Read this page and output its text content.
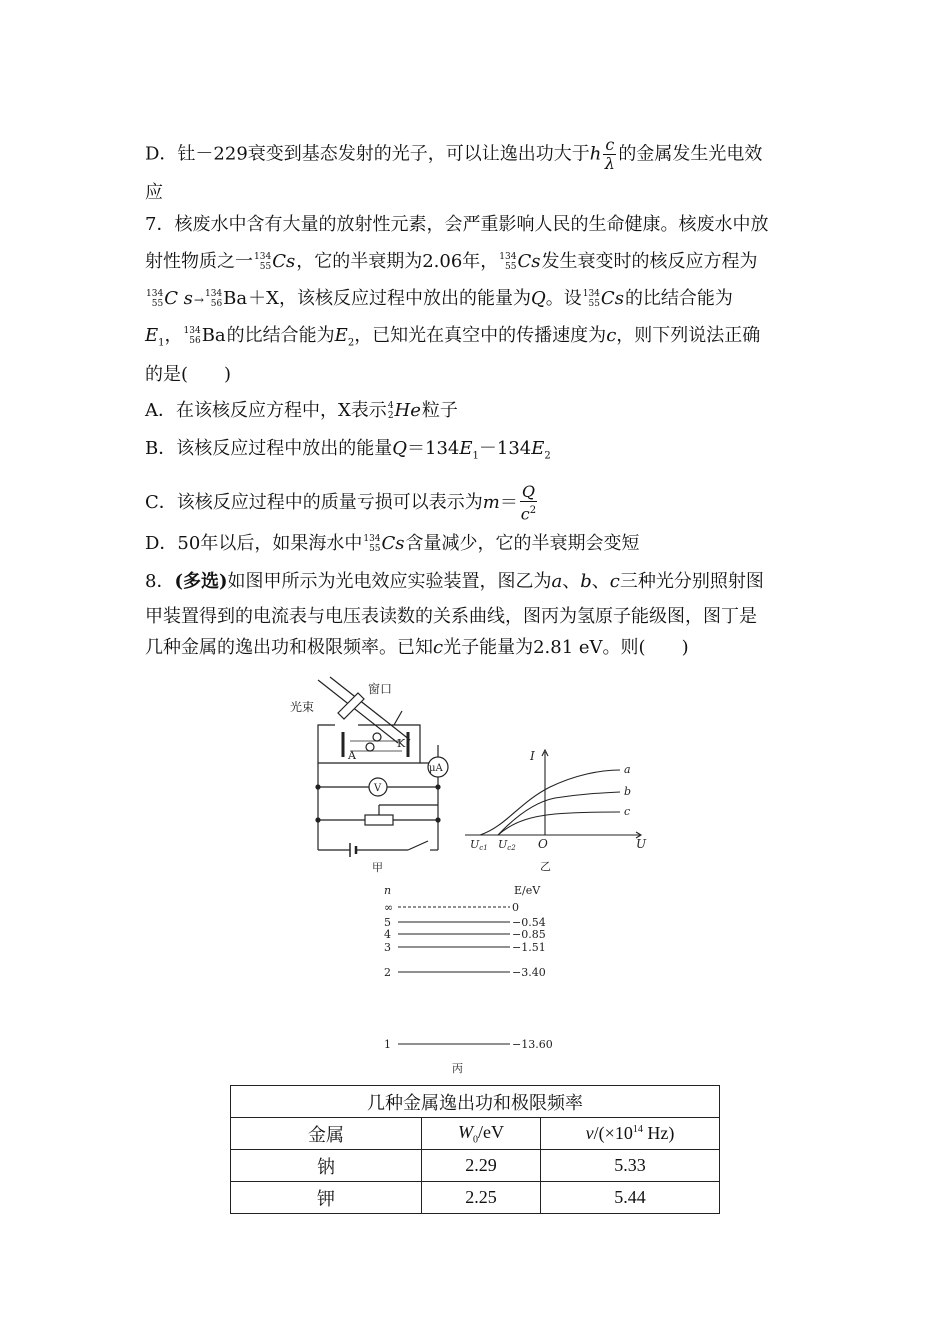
D．钍－229衰变到基态发射的光子，可以让逸出功大于h $\frac{c}{\lambda}$ 的金属发生光电效
应
7．核废水中含有大量的放射性元素，会严重影响人民的生命健康。核废水中放
射性物质之一 134
55 Cs，它的半衰期为2.06年， 134
55 Cs发生衰变时的核反应方程为
134
55 C s→ 134
56 Ba＋X，该核反应过程中放出的能量为Q。设 134
55 Cs的比结合能为
$E_1$， 134
56 Ba的比结合能为$E_2$，已知光在真空中的传播速度为c，则下列说法正确
的是(　　)
A．在该核反应方程中，X表示 4
2 He粒子
B．该核反应过程中放出的能量$Q=134E_1-134E_2$
C．该核反应过程中的质量亏损可以表示为$m= \frac{Q}{c^2}$
D．50年以后，如果海水中 134
55 Cs含量减少，它的半衰期会变短
8．(多选)如图甲所示为光电效应实验装置，图乙为a、b、c三种光分别照射图
甲装置得到的电流表与电压表读数的关系曲线，图丙为氢原子能级图，图丁是
几种金属的逸出功和极限频率。已知c光子能量为2.81 eV。则(　　)
光束
窗口
A
K
μA
V
甲
I
U
O
a
b
c
Uc1 Uc2
乙
n	E/eV
丙
∞	0
5	−0.54
4	−0.85
3	−1.51
2	−3.40
1	−13.60
几种金属逸出功和极限频率		
金属	$W_0/eV$	$\nu/(\times 10^{14}$ Hz)
钠	2.29	5.33
钾	2.25	5.44
